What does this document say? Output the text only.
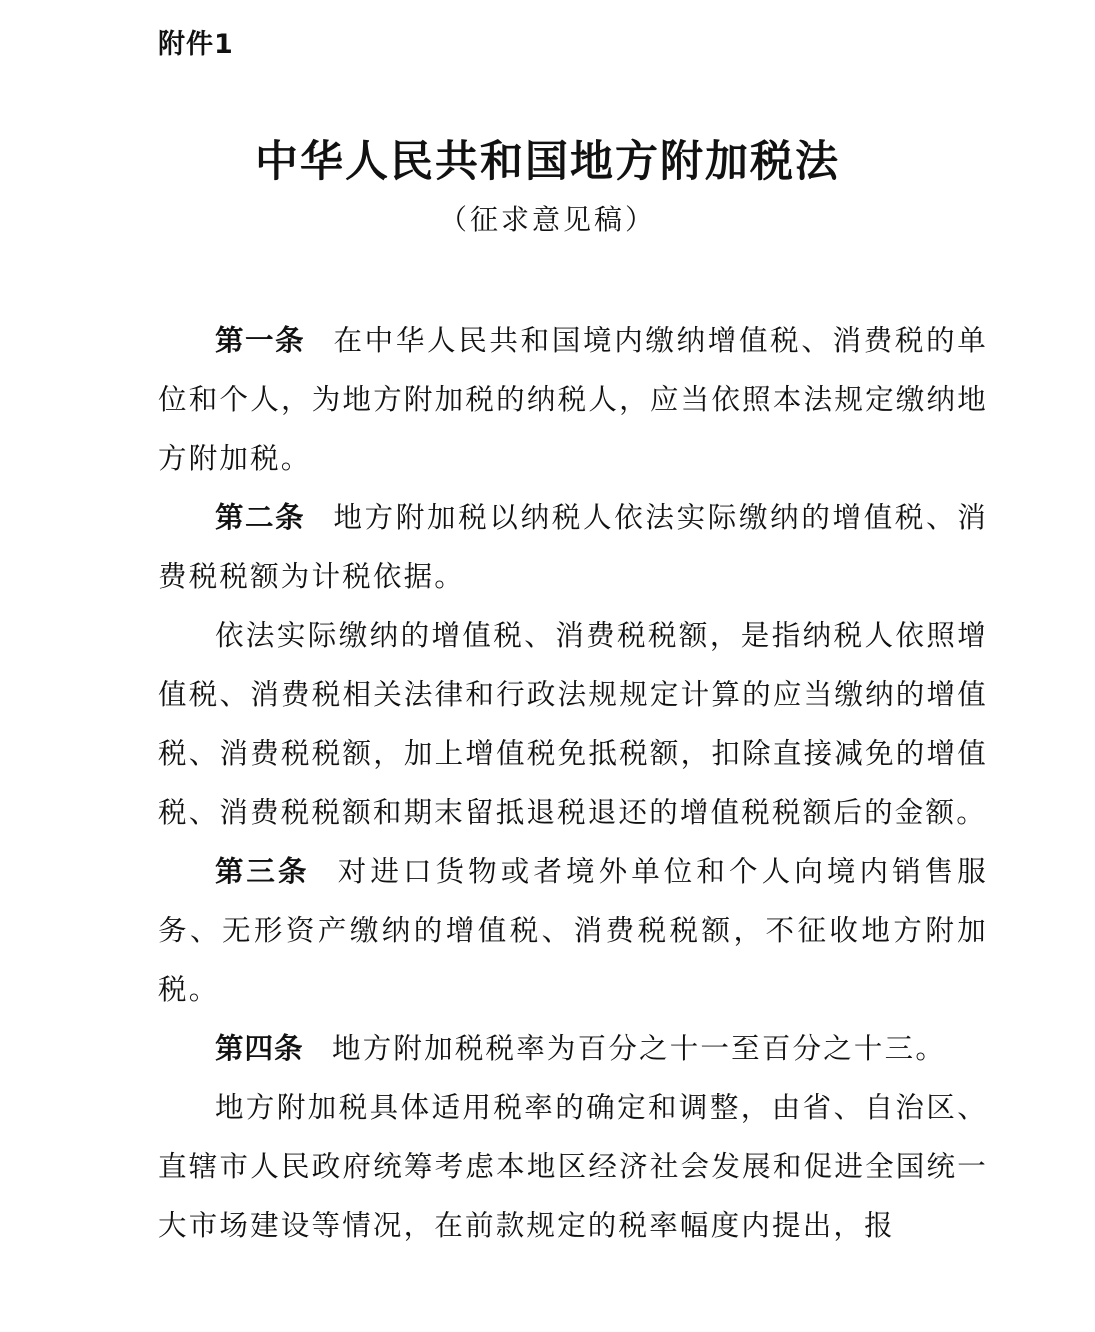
附件1
中华人民共和国地方附加税法
（征求意见稿）

第一条 在中华人民共和国境内缴纳增值税、消费税的单位和个人，为地方附加税的纳税人，应当依照本法规定缴纳地方附加税。

第二条 地方附加税以纳税人依法实际缴纳的增值税、消费税税额为计税依据。

依法实际缴纳的增值税、消费税税额，是指纳税人依照增值税、消费税相关法律和行政法规规定计算的应当缴纳的增值税、消费税税额，加上增值税免抵税额，扣除直接减免的增值税、消费税税额和期末留抵退税退还的增值税税额后的金额。

第三条 对进口货物或者境外单位和个人向境内销售服务、无形资产缴纳的增值税、消费税税额，不征收地方附加税。

第四条 地方附加税税率为百分之十一至百分之十三。

地方附加税具体适用税率的确定和调整，由省、自治区、直辖市人民政府统筹考虑本地区经济社会发展和促进全国统一大市场建设等情况，在前款规定的税率幅度内提出，报
